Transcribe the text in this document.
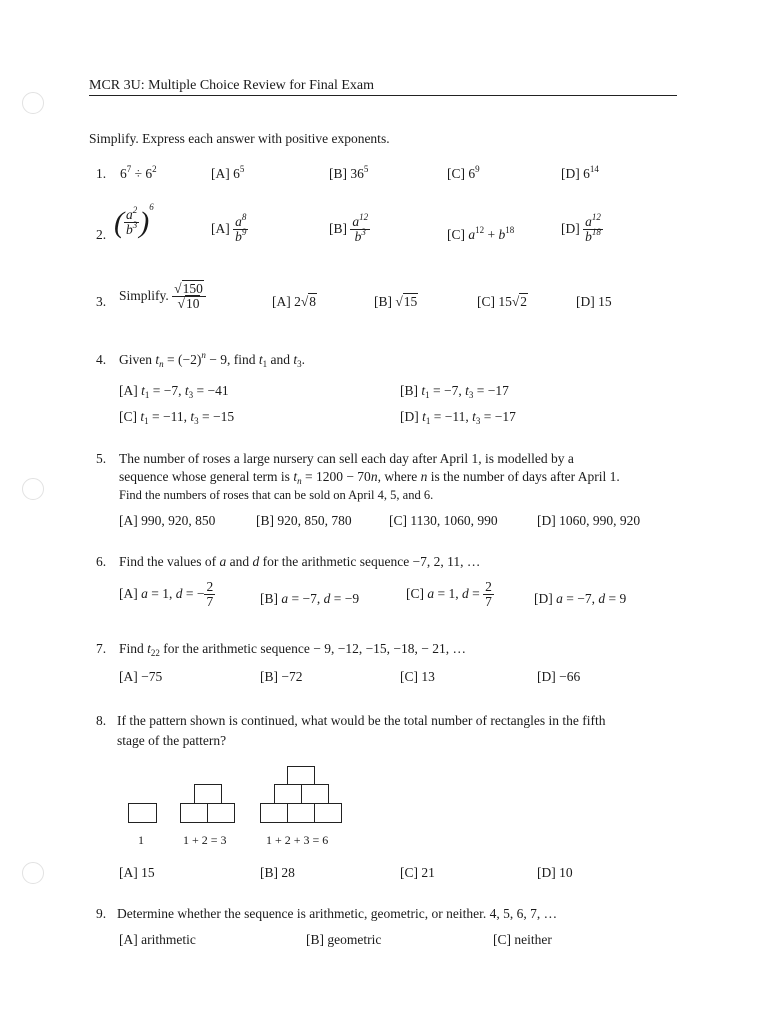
MCR 3U: Multiple Choice Review for Final Exam
Simplify. Express each answer with positive exponents.
1. $6^7 \div 6^2$	[A] $6^5$	[B] $36^5$	[C] $6^9$	[D] $6^{14}$
2. ( $\frac{a^2}{b^3} )^6$
$[A] \frac{a^8}{b^9}$	$[B] \frac{a^{12}}{b^3}$	[C] $a^{12} + b^{18}$	$[D] \frac{a^{12}}{b^{18}}$
3. Simplify. $\frac{√150}{√10}$	[A] 2√8	[B] √15	[C] 15√2	[D] 15
4. Given $t_n = (-2)^n - 9$, find $t_1$ and $t_3$.
[A] $t_1 = -7$, $t_3 = -41$	[B] $t_1 = -7$, $t_3 = -17$
[C] $t_1 = -11$, $t_3 = -15$	[D] $t_1 = -11$, $t_3 = -17$
5. The number of roses a large nursery can sell each day after April 1, is modelled by a
sequence whose general term is $t_n = 1200 - 70n$, where n is the number of days after April 1.
Find the numbers of roses that can be sold on April 4, 5, and 6.
[A] 990, 920, 850	[B] 920, 850, 780	[C] 1130, 1060, 990	[D] 1060, 990, 920
6. Find the values of a and d for the arithmetic sequence −7, 2, 11, …
[A] a = 1, d = − $\frac{2}{7}$	[B] a = −7, d = −9	[C] a = 1, $d = \frac{2}{7}$	[D] a = −7, d = 9
7. Find $t_{22}$ for the arithmetic sequence − 9, −12, −15, −18, − 21, …
[A] −75	[B] −72	[C] 13	[D] −66
8. If the pattern shown is continued, what would be the total number of rectangles in the fifth
stage of the pattern?
1	1 + 2 = 3	1 + 2 + 3 = 6
[A] 15	[B] 28	[C] 21	[D] 10
9. Determine whether the sequence is arithmetic, geometric, or neither. 4, 5, 6, 7, …
[A] arithmetic	[B] geometric	[C] neither
